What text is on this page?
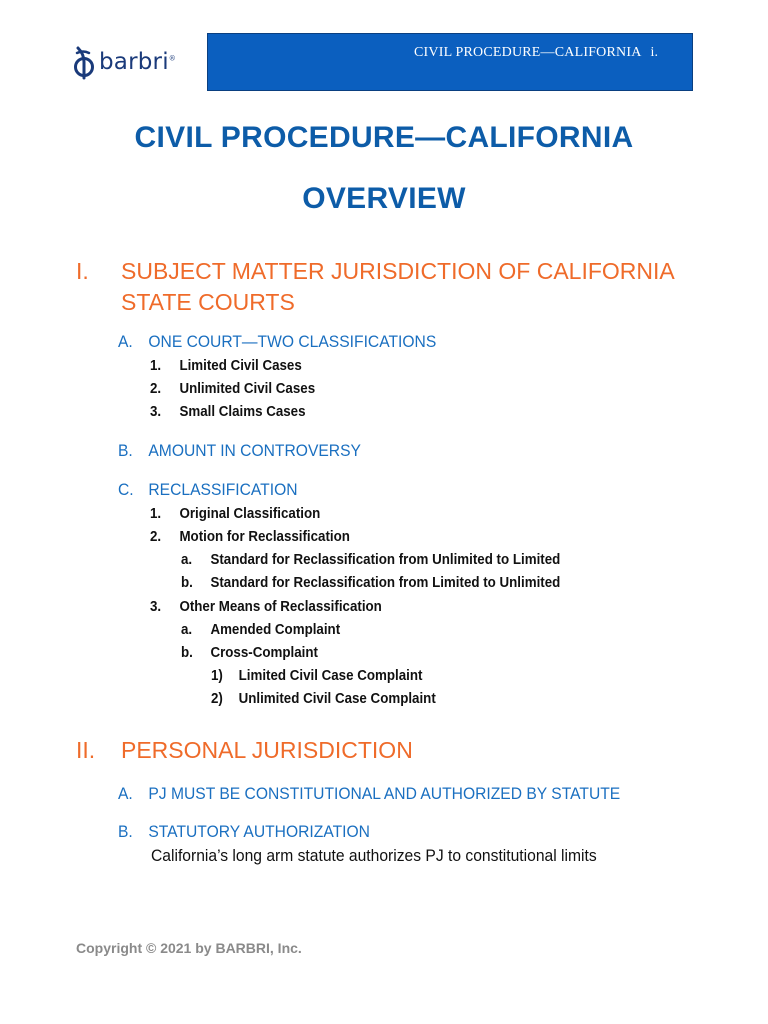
barbri®	CIVIL PROCEDURE—CALIFORNIA i.
CIVIL PROCEDURE—CALIFORNIA
OVERVIEW
I. SUBJECT MATTER JURISDICTION OF CALIFORNIA
STATE COURTS
A. ONE COURT—TWO CLASSIFICATIONS
1. Limited Civil Cases
2. Unlimited Civil Cases
3. Small Claims Cases
B. AMOUNT IN CONTROVERSY
C. RECLASSIFICATION
1. Original Classification
2. Motion for Reclassification
a. Standard for Reclassification from Unlimited to Limited
b. Standard for Reclassification from Limited to Unlimited
3. Other Means of Reclassification
a. Amended Complaint
b. Cross-Complaint
1) Limited Civil Case Complaint
2) Unlimited Civil Case Complaint
II. PERSONAL JURISDICTION
A. PJ MUST BE CONSTITUTIONAL AND AUTHORIZED BY STATUTE
B. STATUTORY AUTHORIZATION
California’s long arm statute authorizes PJ to constitutional limits
Copyright © 2021 by BARBRI, Inc.
